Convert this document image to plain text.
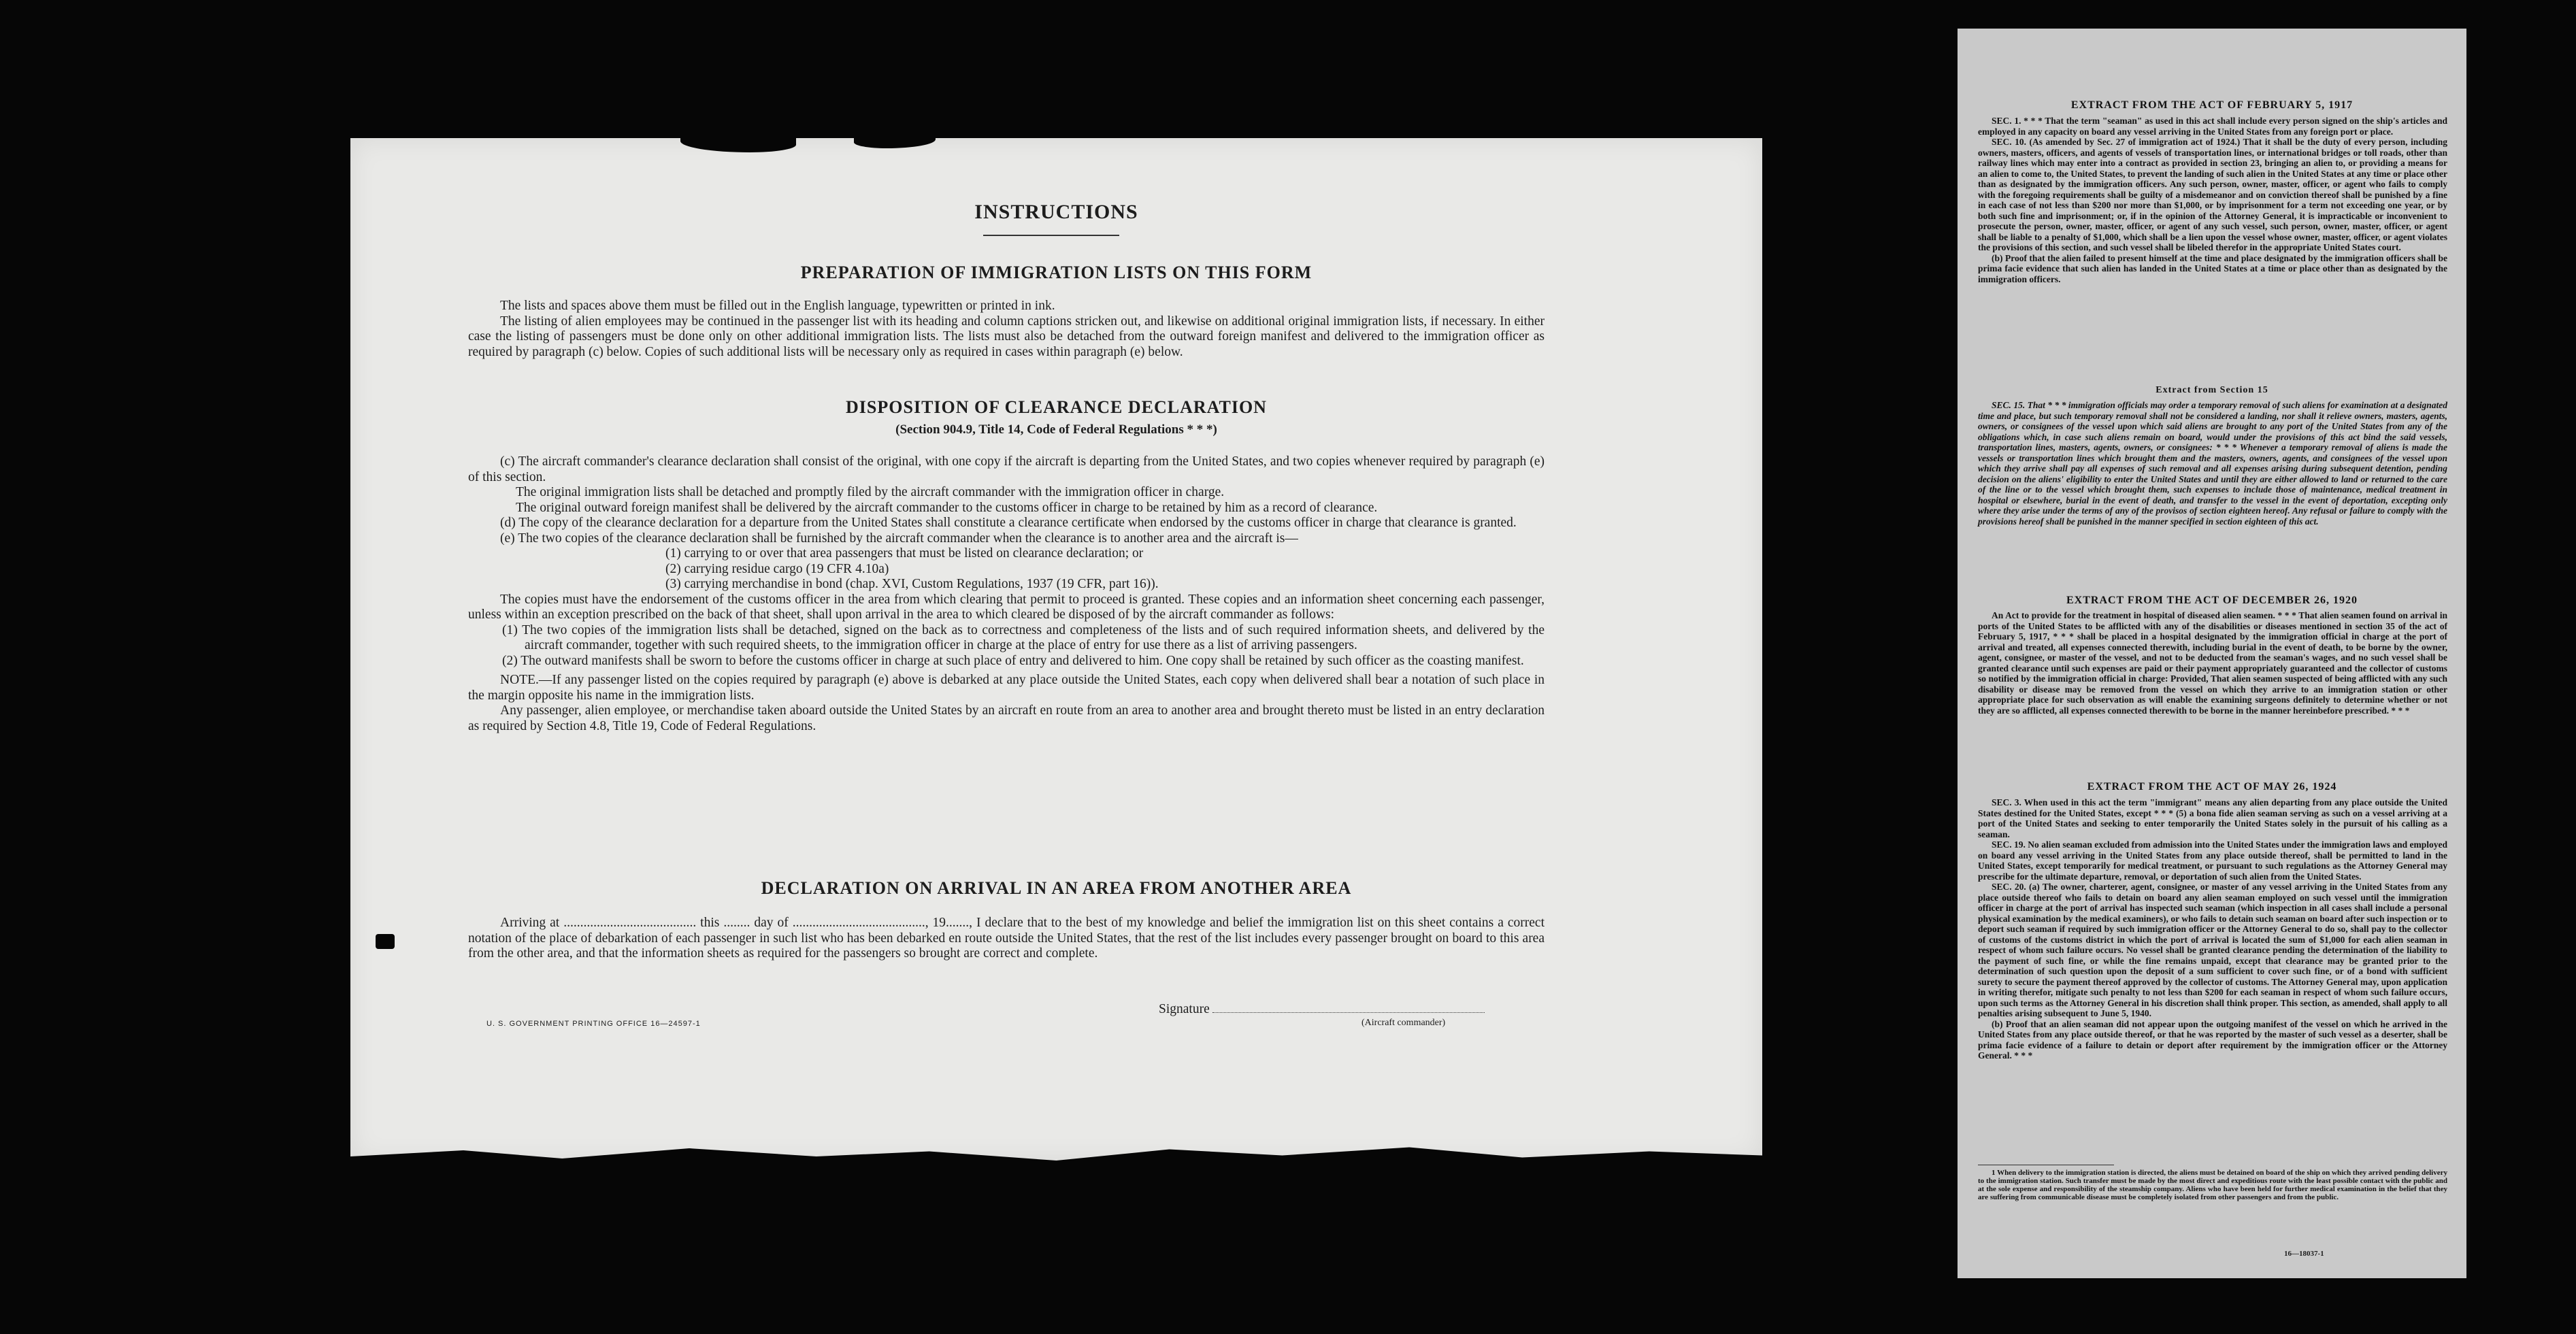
INSTRUCTIONS
PREPARATION OF IMMIGRATION LISTS ON THIS FORM

The lists and spaces above them must be filled out in the English language, typewritten or printed in ink.

The listing of alien employees may be continued in the passenger list with its heading and column captions stricken out, and likewise on additional original immigration lists, if necessary. In either case the listing of passengers must be done only on other additional immigration lists. The lists must also be detached from the outward foreign manifest and delivered to the immigration officer as required by paragraph (c) below. Copies of such additional lists will be necessary only as required in cases within paragraph (e) below.

DISPOSITION OF CLEARANCE DECLARATION
(Section 904.9, Title 14, Code of Federal Regulations * * *)

(c) The aircraft commander's clearance declaration shall consist of the original, with one copy if the aircraft is departing from the United States, and two copies whenever required by paragraph (e) of this section.

The original immigration lists shall be detached and promptly filed by the aircraft commander with the immigration officer in charge.

The original outward foreign manifest shall be delivered by the aircraft commander to the customs officer in charge to be retained by him as a record of clearance.

(d) The copy of the clearance declaration for a departure from the United States shall constitute a clearance certificate when endorsed by the customs officer in charge that clearance is granted.

(e) The two copies of the clearance declaration shall be furnished by the aircraft commander when the clearance is to another area and the aircraft is—

(1) carrying to or over that area passengers that must be listed on clearance declaration; or

(2) carrying residue cargo (19 CFR 4.10a)

(3) carrying merchandise in bond (chap. XVI, Custom Regulations, 1937 (19 CFR, part 16)).

The copies must have the endorsement of the customs officer in the area from which clearing that permit to proceed is granted. These copies and an information sheet concerning each passenger, unless within an exception prescribed on the back of that sheet, shall upon arrival in the area to which cleared be disposed of by the aircraft commander as follows:

(1) The two copies of the immigration lists shall be detached, signed on the back as to correctness and completeness of the lists and of such required information sheets, and delivered by the aircraft commander, together with such required sheets, to the immigration officer in charge at the place of entry for use there as a list of arriving passengers.

(2) The outward manifests shall be sworn to before the customs officer in charge at such place of entry and delivered to him. One copy shall be retained by such officer as the coasting manifest.

NOTE.—If any passenger listed on the copies required by paragraph (e) above is debarked at any place outside the United States, each copy when delivered shall bear a notation of such place in the margin opposite his name in the immigration lists.

Any passenger, alien employee, or merchandise taken aboard outside the United States by an aircraft en route from an area to another area and brought thereto must be listed in an entry declaration as required by Section 4.8, Title 19, Code of Federal Regulations.

DECLARATION ON ARRIVAL IN AN AREA FROM ANOTHER AREA

Arriving at ........................................ this ........ day of ........................................, 19......., I declare that to the best of my knowledge and belief the immigration list on this sheet contains a correct notation of the place of debarkation of each passenger in such list who has been debarked en route outside the United States, that the rest of the list includes every passenger brought on board to this area from the other area, and that the information sheets as required for the passengers so brought are correct and complete.

U. S. GOVERNMENT PRINTING OFFICE 16—24597-1
Signature
(Aircraft commander)
EXTRACT FROM THE ACT OF FEBRUARY 5, 1917

SEC. 1. * * * That the term "seaman" as used in this act shall include every person signed on the ship's articles and employed in any capacity on board any vessel arriving in the United States from any foreign port or place.

SEC. 10. (As amended by Sec. 27 of immigration act of 1924.) That it shall be the duty of every person, including owners, masters, officers, and agents of vessels of transportation lines, or international bridges or toll roads, other than railway lines which may enter into a contract as provided in section 23, bringing an alien to, or providing a means for an alien to come to, the United States, to prevent the landing of such alien in the United States at any time or place other than as designated by the immigration officers. Any such person, owner, master, officer, or agent who fails to comply with the foregoing requirements shall be guilty of a misdemeanor and on conviction thereof shall be punished by a fine in each case of not less than $200 nor more than $1,000, or by imprisonment for a term not exceeding one year, or by both such fine and imprisonment; or, if in the opinion of the Attorney General, it is impracticable or inconvenient to prosecute the person, owner, master, officer, or agent of any such vessel, such person, owner, master, officer, or agent shall be liable to a penalty of $1,000, which shall be a lien upon the vessel whose owner, master, officer, or agent violates the provisions of this section, and such vessel shall be libeled therefor in the appropriate United States court.

(b) Proof that the alien failed to present himself at the time and place designated by the immigration officers shall be prima facie evidence that such alien has landed in the United States at a time or place other than as designated by the immigration officers.

Extract from Section 15

SEC. 15. That * * * immigration officials may order a temporary removal of such aliens for examination at a designated time and place, but such temporary removal shall not be considered a landing, nor shall it relieve owners, masters, agents, owners, or consignees of the vessel upon which said aliens are brought to any port of the United States from any of the obligations which, in case such aliens remain on board, would under the provisions of this act bind the said vessels, transportation lines, masters, agents, owners, or consignees: * * * Whenever a temporary removal of aliens is made the vessels or transportation lines which brought them and the masters, owners, agents, and consignees of the vessel upon which they arrive shall pay all expenses of such removal and all expenses arising during subsequent detention, pending decision on the aliens' eligibility to enter the United States and until they are either allowed to land or returned to the care of the line or to the vessel which brought them, such expenses to include those of maintenance, medical treatment in hospital or elsewhere, burial in the event of death, and transfer to the vessel in the event of deportation, excepting only where they arise under the terms of any of the provisos of section eighteen hereof. Any refusal or failure to comply with the provisions hereof shall be punished in the manner specified in section eighteen of this act.

EXTRACT FROM THE ACT OF DECEMBER 26, 1920

An Act to provide for the treatment in hospital of diseased alien seamen. * * * That alien seamen found on arrival in ports of the United States to be afflicted with any of the disabilities or diseases mentioned in section 35 of the act of February 5, 1917, * * * shall be placed in a hospital designated by the immigration official in charge at the port of arrival and treated, all expenses connected therewith, including burial in the event of death, to be borne by the owner, agent, consignee, or master of the vessel, and not to be deducted from the seaman's wages, and no such vessel shall be granted clearance until such expenses are paid or their payment appropriately guaranteed and the collector of customs so notified by the immigration official in charge: Provided, That alien seamen suspected of being afflicted with any such disability or disease may be removed from the vessel on which they arrive to an immigration station or other appropriate place for such observation as will enable the examining surgeons definitely to determine whether or not they are so afflicted, all expenses connected therewith to be borne in the manner hereinbefore prescribed. * * *

EXTRACT FROM THE ACT OF MAY 26, 1924

SEC. 3. When used in this act the term "immigrant" means any alien departing from any place outside the United States destined for the United States, except * * * (5) a bona fide alien seaman serving as such on a vessel arriving at a port of the United States and seeking to enter temporarily the United States solely in the pursuit of his calling as a seaman.

SEC. 19. No alien seaman excluded from admission into the United States under the immigration laws and employed on board any vessel arriving in the United States from any place outside thereof, shall be permitted to land in the United States, except temporarily for medical treatment, or pursuant to such regulations as the Attorney General may prescribe for the ultimate departure, removal, or deportation of such alien from the United States.

SEC. 20. (a) The owner, charterer, agent, consignee, or master of any vessel arriving in the United States from any place outside thereof who fails to detain on board any alien seaman employed on such vessel until the immigration officer in charge at the port of arrival has inspected such seaman (which inspection in all cases shall include a personal physical examination by the medical examiners), or who fails to detain such seaman on board after such inspection or to deport such seaman if required by such immigration officer or the Attorney General to do so, shall pay to the collector of customs of the customs district in which the port of arrival is located the sum of $1,000 for each alien seaman in respect of whom such failure occurs. No vessel shall be granted clearance pending the determination of the liability to the payment of such fine, or while the fine remains unpaid, except that clearance may be granted prior to the determination of such question upon the deposit of a sum sufficient to cover such fine, or of a bond with sufficient surety to secure the payment thereof approved by the collector of customs. The Attorney General may, upon application in writing therefor, mitigate such penalty to not less than $200 for each seaman in respect of whom such failure occurs, upon such terms as the Attorney General in his discretion shall think proper. This section, as amended, shall apply to all penalties arising subsequent to June 5, 1940.

(b) Proof that an alien seaman did not appear upon the outgoing manifest of the vessel on which he arrived in the United States from any place outside thereof, or that he was reported by the master of such vessel as a deserter, shall be prima facie evidence of a failure to detain or deport after requirement by the immigration officer or the Attorney General. * * *

1 When delivery to the immigration station is directed, the aliens must be detained on board of the ship on which they arrived pending delivery to the immigration station. Such transfer must be made by the most direct and expeditious route with the least possible contact with the public and at the sole expense and responsibility of the steamship company. Aliens who have been held for further medical examination in the belief that they are suffering from communicable disease must be completely isolated from other passengers and from the public.

16—18037-1
